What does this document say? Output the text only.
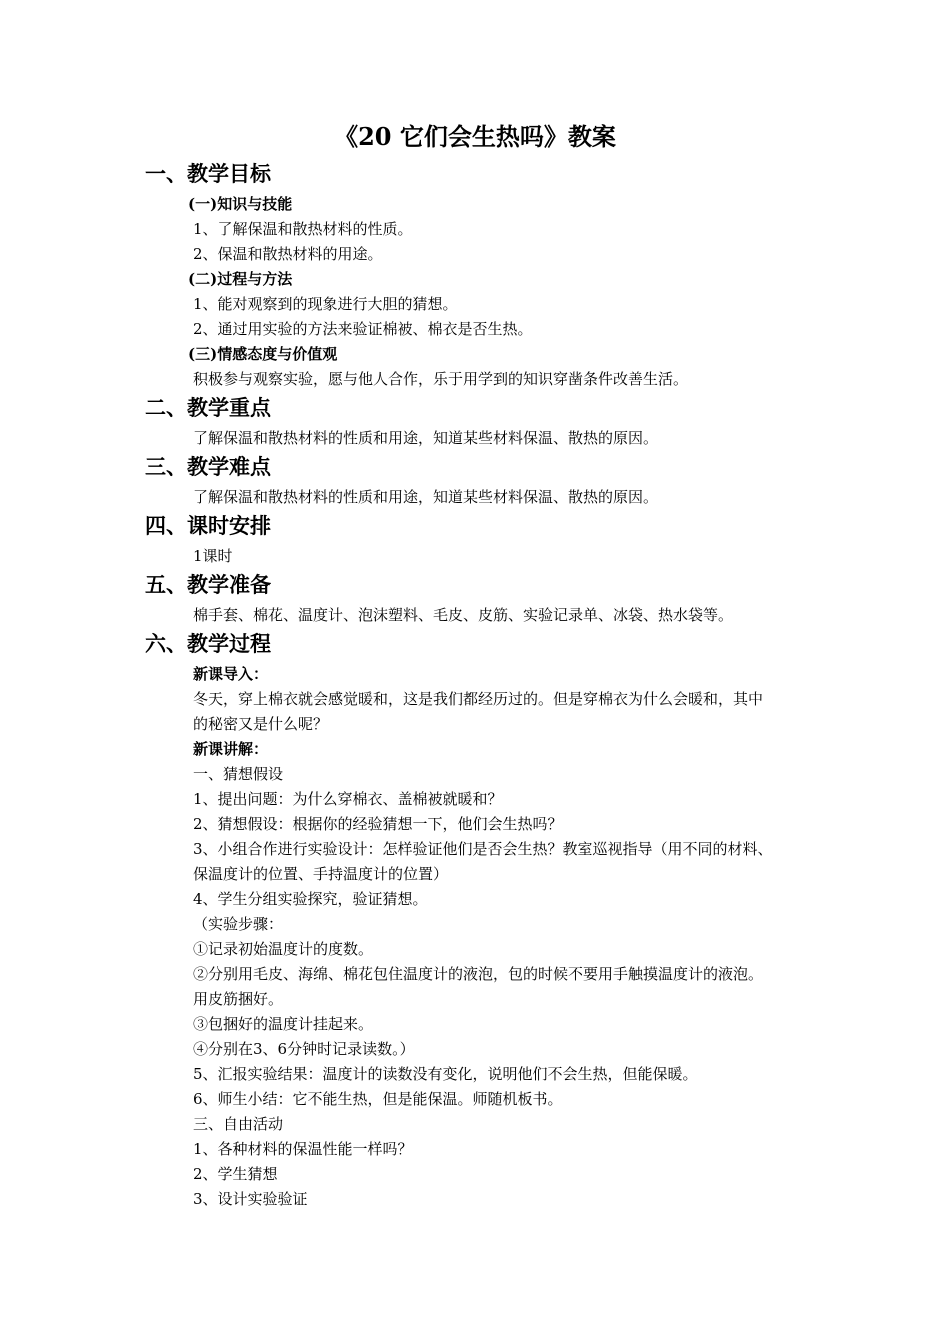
《20 它们会生热吗》教案
一、教学目标
(一)知识与技能
1、了解保温和散热材料的性质。
2、保温和散热材料的用途。
(二)过程与方法
1、能对观察到的现象进行大胆的猜想。
2、通过用实验的方法来验证棉被、棉衣是否生热。
(三)情感态度与价值观
积极参与观察实验，愿与他人合作，乐于用学到的知识穿凿条件改善生活。
二、教学重点
了解保温和散热材料的性质和用途，知道某些材料保温、散热的原因。
三、教学难点
了解保温和散热材料的性质和用途，知道某些材料保温、散热的原因。
四、课时安排
1课时
五、教学准备
棉手套、棉花、温度计、泡沫塑料、毛皮、皮筋、实验记录单、冰袋、热水袋等。
六、教学过程
新课导入：
冬天，穿上棉衣就会感觉暖和，这是我们都经历过的。但是穿棉衣为什么会暖和，其中
的秘密又是什么呢？
新课讲解：
一、猜想假设
1、提出问题：为什么穿棉衣、盖棉被就暖和？
2、猜想假设：根据你的经验猜想一下，他们会生热吗？
3、小组合作进行实验设计：怎样验证他们是否会生热？教室巡视指导（用不同的材料、
保温度计的位置、手持温度计的位置）
4、学生分组实验探究，验证猜想。
（实验步骤：
①记录初始温度计的度数。
②分别用毛皮、海绵、棉花包住温度计的液泡，包的时候不要用手触摸温度计的液泡。
用皮筋捆好。
③包捆好的温度计挂起来。
④分别在3、6分钟时记录读数。）
5、汇报实验结果：温度计的读数没有变化，说明他们不会生热，但能保暖。
6、师生小结：它不能生热，但是能保温。师随机板书。
三、自由活动
1、各种材料的保温性能一样吗？
2、学生猜想
3、设计实验验证
